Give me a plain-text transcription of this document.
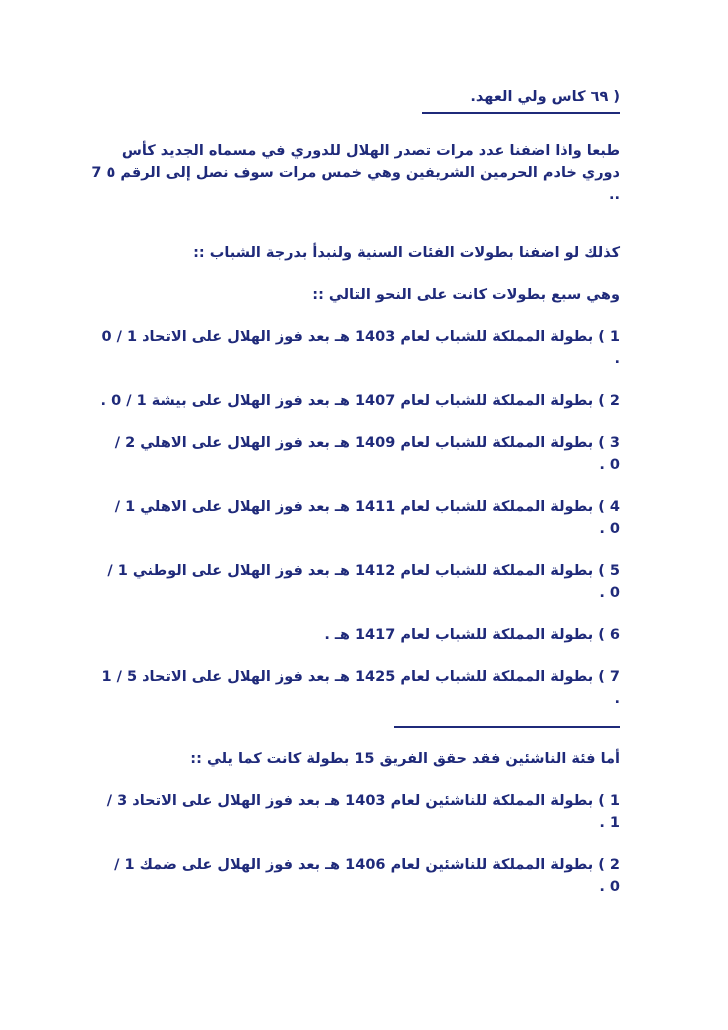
( ٦٩ كاس ولي العهد.

طبعا واذا اضفنا عدد مرات تصدر الهلال للدوري في مسماه الجديد كأس دوري خادم الحرمين الشريفين وهي خمس مرات سوف نصل إلى الرقم ٥ 7 ..

كذلك لو اضفنا بطولات الفئات السنية ولنبدأ بدرجة الشباب ::

وهي سبع بطولات كانت على النحو التالي ::

1 ) بطولة المملكة للشباب لعام 1403 هـ بعد فوز الهلال على الاتحاد 1 / 0 .

2 ) بطولة المملكة للشباب لعام 1407 هـ بعد فوز الهلال على بيشة 1 / 0 .

3 ) بطولة المملكة للشباب لعام 1409 هـ بعد فوز الهلال على الاهلي 2 / 0 .

4 ) بطولة المملكة للشباب لعام 1411 هـ بعد فوز الهلال على الاهلي 1 / 0 .

5 ) بطولة المملكة للشباب لعام 1412 هـ بعد فوز الهلال على الوطني 1 / 0 .

6 ) بطولة المملكة للشباب لعام 1417 هـ .

7 ) بطولة المملكة للشباب لعام 1425 هـ بعد فوز الهلال على الاتحاد 5 / 1 .

أما فئة الناشئين فقد حقق الفريق 15 بطولة كانت كما يلي ::

1 ) بطولة المملكة للناشئين لعام 1403 هـ بعد فوز الهلال على الاتحاد 3 / 1 .

2 ) بطولة المملكة للناشئين لعام 1406 هـ بعد فوز الهلال على ضمك 1 / 0 .
